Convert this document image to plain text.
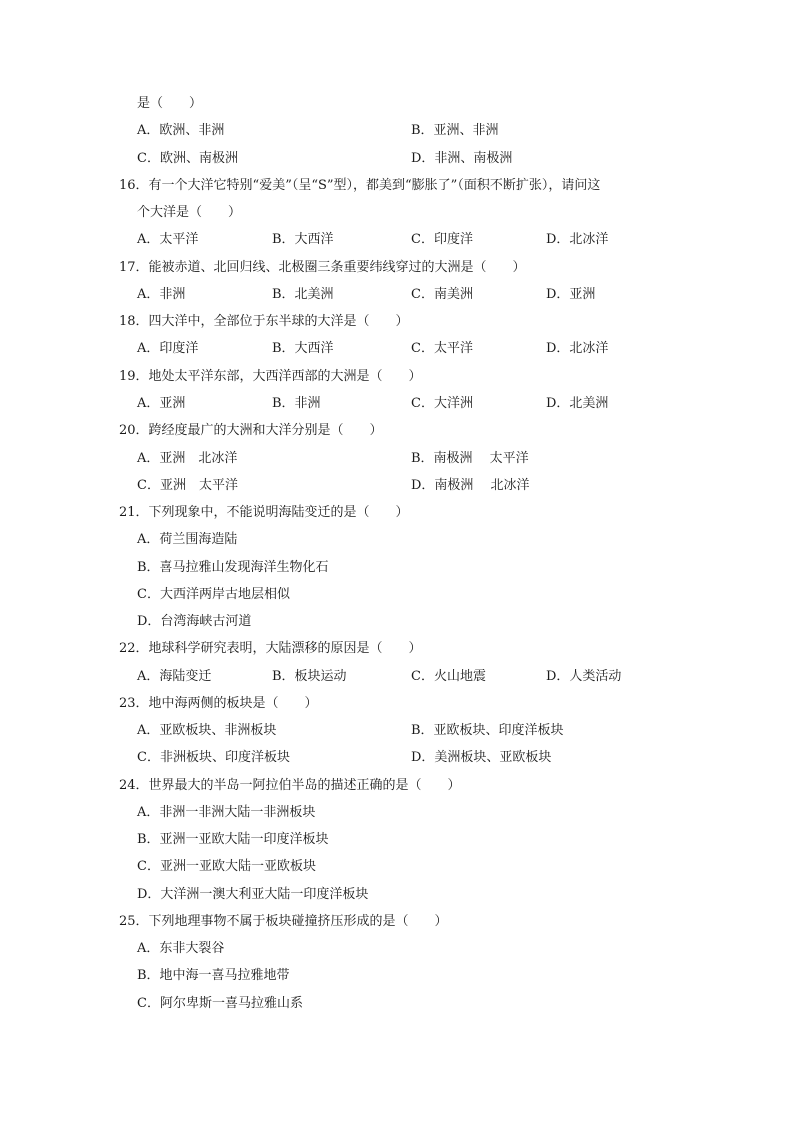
是（　　）
A．欧洲、非洲	B．亚洲、非洲
C．欧洲、南极洲	D．非洲、南极洲
16．有一个大洋它特别“爱美”（呈“S”型），都美到“膨胀了”（面积不断扩张），请问这
个大洋是（　　）
A．太平洋	B．大西洋	C．印度洋	D．北冰洋
17．能被赤道、北回归线、北极圈三条重要纬线穿过的大洲是（　　）
A．非洲	B．北美洲	C．南美洲	D．亚洲
18．四大洋中，全部位于东半球的大洋是（　　）
A．印度洋	B．大西洋	C．太平洋	D．北冰洋
19．地处太平洋东部，大西洋西部的大洲是（　　）
A．亚洲	B．非洲	C．大洋洲	D．北美洲
20．跨经度最广的大洲和大洋分别是（　　）
A．亚洲　北冰洋	B．南极洲　 太平洋
C．亚洲　太平洋	D．南极洲　 北冰洋
21．下列现象中，不能说明海陆变迁的是（　　）
A．荷兰围海造陆
B．喜马拉雅山发现海洋生物化石
C．大西洋两岸古地层相似
D．台湾海峡古河道
22．地球科学研究表明，大陆漂移的原因是（　　）
A．海陆变迁	B．板块运动	C．火山地震	D．人类活动
23．地中海两侧的板块是（　　）
A．亚欧板块、非洲板块	B．亚欧板块、印度洋板块
C．非洲板块、印度洋板块	D．美洲板块、亚欧板块
24．世界最大的半岛一阿拉伯半岛的描述正确的是（　　）
A．非洲一非洲大陆一非洲板块
B．亚洲一亚欧大陆一印度洋板块
C．亚洲一亚欧大陆一亚欧板块
D．大洋洲一澳大利亚大陆一印度洋板块
25．下列地理事物不属于板块碰撞挤压形成的是（　　）
A．东非大裂谷
B．地中海一喜马拉雅地带
C．阿尔卑斯一喜马拉雅山系
